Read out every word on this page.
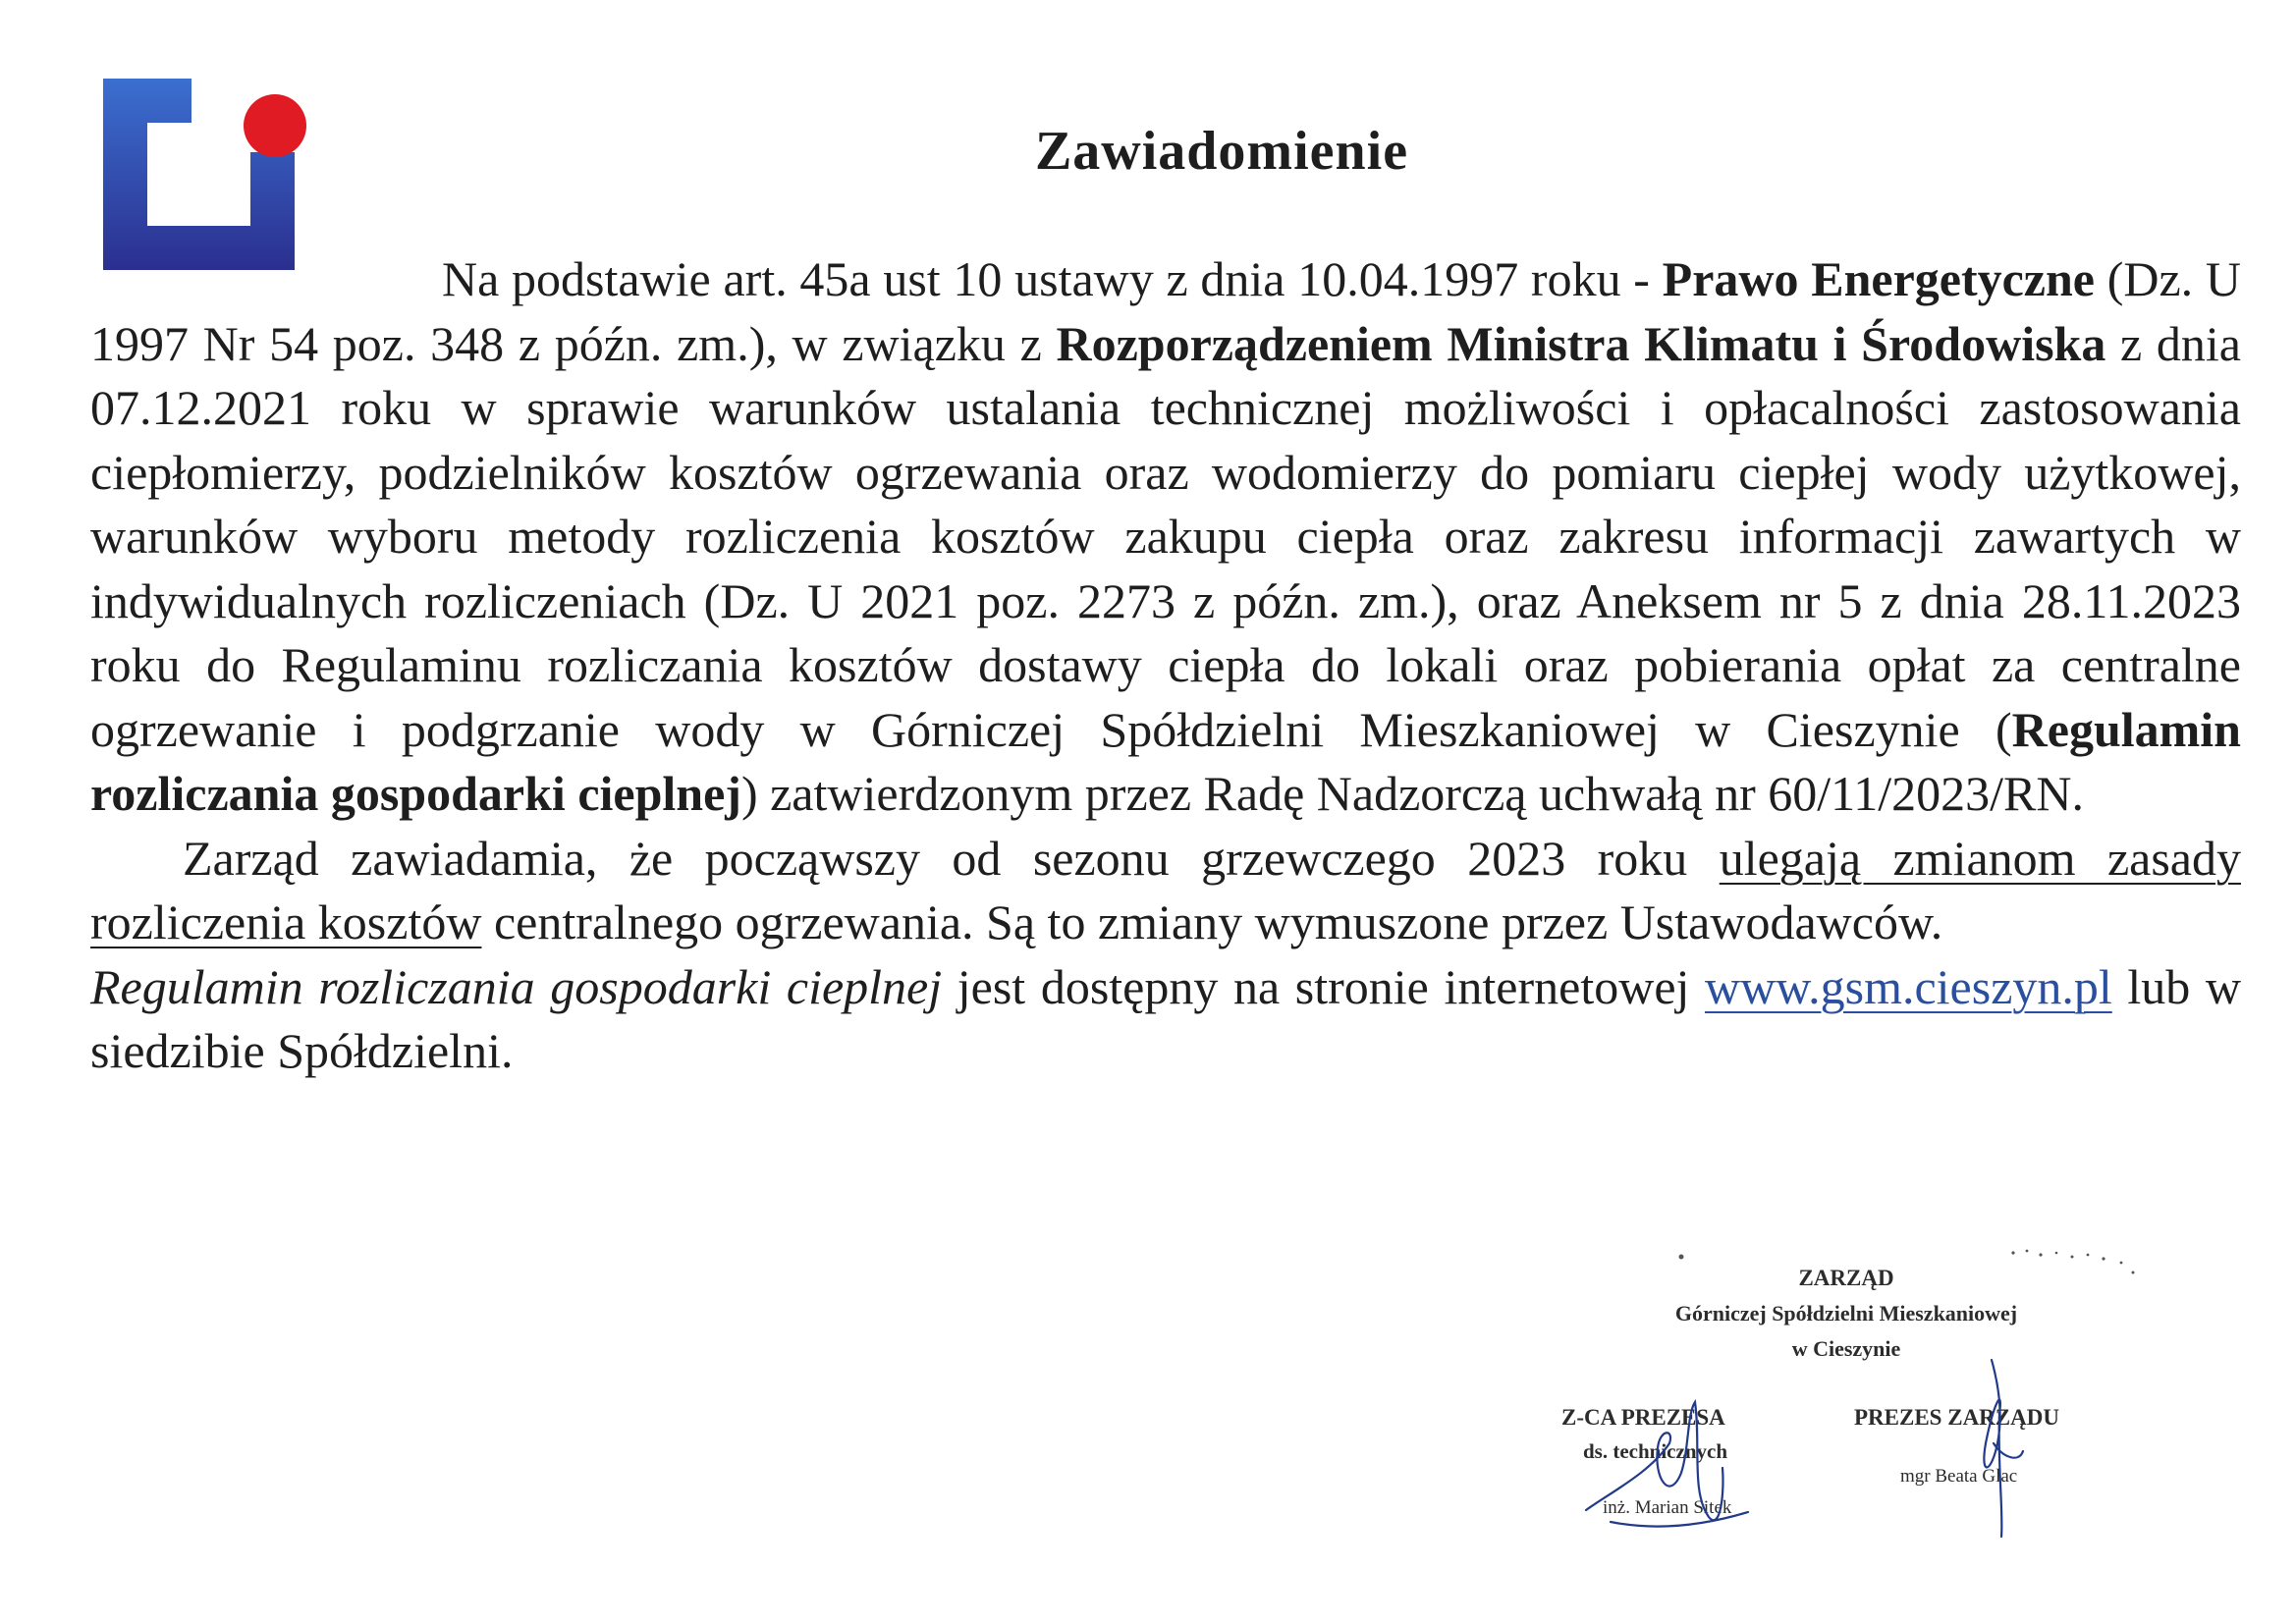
Zawiadomienie

Na podstawie art. 45a ust 10 ustawy z dnia 10.04.1997 roku - Prawo Energetyczne (Dz. U 1997 Nr 54 poz. 348 z późn. zm.), w związku z Rozporządzeniem Ministra Klimatu i Środowiska z dnia 07.12.2021 roku w sprawie warunków ustalania technicznej możliwości i opłacalności zastosowania ciepłomierzy, podzielników kosztów ogrzewania oraz wodomierzy do pomiaru ciepłej wody użytkowej, warunków wyboru metody rozliczenia kosztów zakupu ciepła oraz zakresu informacji zawartych w indywidualnych rozliczeniach (Dz. U 2021 poz. 2273 z późn. zm.), oraz Aneksem nr 5 z dnia 28.11.2023 roku do Regulaminu rozliczania kosztów dostawy ciepła do lokali oraz pobierania opłat za centralne ogrzewanie i podgrzanie wody w Górniczej Spółdzielni Mieszkaniowej w Cieszynie (Regulamin rozliczania gospodarki cieplnej) zatwierdzonym przez Radę Nadzorczą uchwałą nr 60/11/2023/RN.

Zarząd zawiadamia, że począwszy od sezonu grzewczego 2023 roku ulegają zmianom zasady rozliczenia kosztów centralnego ogrzewania. Są to zmiany wymuszone przez Ustawodawców.

Regulamin rozliczania gospodarki cieplnej jest dostępny na stronie internetowej www.gsm.cieszyn.pl lub w siedzibie Spółdzielni.

ZARZĄD
Górniczej Spółdzielni Mieszkaniowej
w Cieszynie
Z-CA PREZESA
ds. technicznych
inż. Marian Sitek
PREZES ZARZĄDU
mgr Beata Glac
